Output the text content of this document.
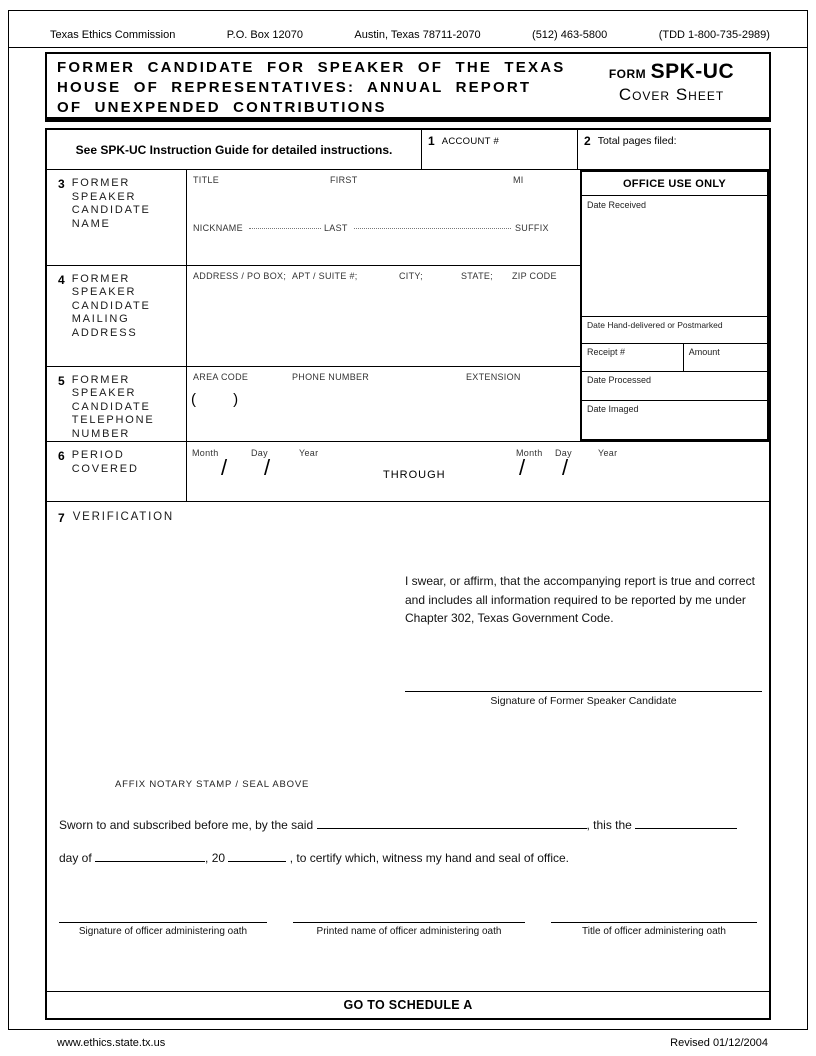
Texas Ethics Commission	P.O. Box 12070	Austin, Texas 78711-2070	(512) 463-5800	(TDD 1-800-735-2989)
FORMER CANDIDATE FOR SPEAKER OF THE TEXAS
HOUSE OF REPRESENTATIVES: ANNUAL REPORT
OF UNEXPENDED CONTRIBUTIONS
FORM SPK-UC
Cover Sheet
See SPK-UC Instruction Guide for detailed instructions.
1 ACCOUNT #	2 Total pages filed:
3 FORMER
SPEAKER
CANDIDATE
NAME
TITLE	FIRST	MI
NICKNAME	LAST	SUFFIX
4 FORMER
SPEAKER
CANDIDATE
MAILING
ADDRESS
ADDRESS / PO BOX; APT / SUITE #;	CITY;	STATE; ZIP CODE
5 FORMER
SPEAKER
CANDIDATE
TELEPHONE
NUMBER
AREA CODE	PHONE NUMBER	EXTENSION
(       )
OFFICE USE ONLY
Date Received
Date Hand-delivered or Postmarked
Receipt #	Amount
Date Processed
Date Imaged
6 PERIOD
COVERED
Month	Day	Year
/ /	THROUGH
Month Day	Year
/ /
7 VERIFICATION
I swear, or affirm, that the accompanying report is true and correct and includes all information required to be reported by me under Chapter 302, Texas Government Code.
Signature of Former Speaker Candidate
AFFIX NOTARY STAMP / SEAL ABOVE
Sworn to and subscribed before me, by the said	, this the
day of	, 20	, to certify which, witness my hand and seal of office.
Signature of officer administering oath	Printed name of officer administering oath	Title of officer administering oath
GO TO SCHEDULE A
www.ethics.state.tx.us	Revised 01/12/2004
